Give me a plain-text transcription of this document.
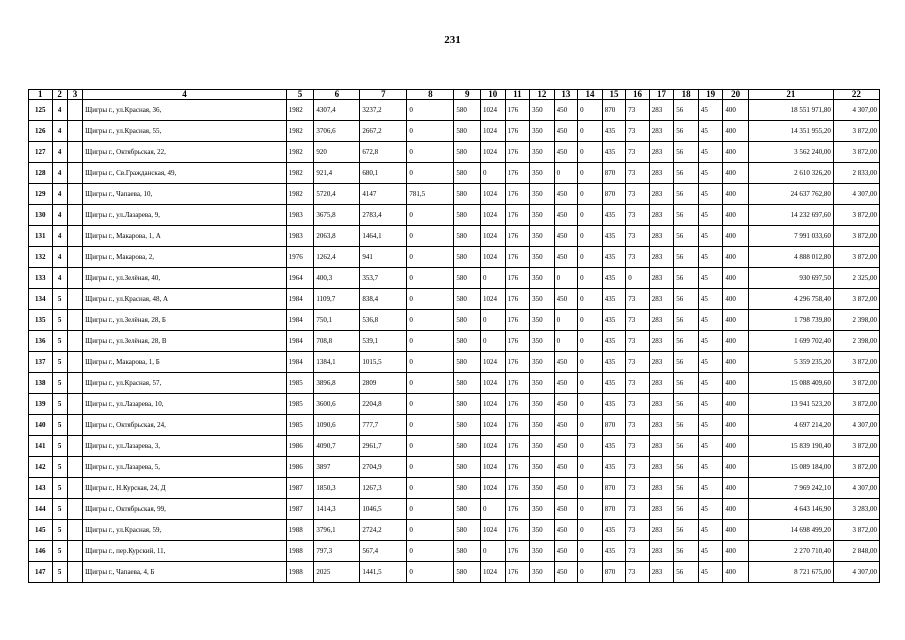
231
1	2	3	4	5	6	7	8	9	10	11	12	13	14	15	16	17	18	19	20	21	22
125	4		Щигры г., ул.Красная, 36,	1982	4307,4	3237,2	0	580	1024	176	350	450	0	870	73	283	56	45	400	18 551 971,80	4 307,00
126	4		Щигры г., ул.Красная, 55,	1982	3706,6	2667,2	0	580	1024	176	350	450	0	435	73	283	56	45	400	14 351 955,20	3 872,00
127	4		Щигры г., Октябрьская, 22,	1982	920	672,8	0	580	1024	176	350	450	0	435	73	283	56	45	400	3 562 240,00	3 872,00
128	4		Щигры г., Св.Гражданская, 49,	1982	921,4	680,1	0	580	0	176	350	0	0	870	73	283	56	45	400	2 610 326,20	2 833,00
129	4		Щигры г., Чапаева, 10,	1982	5720,4	4147	781,5	580	1024	176	350	450	0	870	73	283	56	45	400	24 637 762,80	4 307,00
130	4		Щигры г., ул.Лазарева, 9,	1983	3675,8	2783,4	0	580	1024	176	350	450	0	435	73	283	56	45	400	14 232 697,60	3 872,00
131	4		Щигры г., Макарова, 1, А	1983	2063,8	1464,1	0	580	1024	176	350	450	0	435	73	283	56	45	400	7 991 033,60	3 872,00
132	4		Щигры г., Макарова, 2,	1976	1262,4	941	0	580	1024	176	350	450	0	435	73	283	56	45	400	4 888 012,80	3 872,00
133	4		Щигры г., ул.Зелёная, 40,	1964	400,3	353,7	0	580	0	176	350	0	0	435	0	283	56	45	400	930 697,50	2 325,00
134	5		Щигры г., ул.Красная, 48, А	1984	1109,7	838,4	0	580	1024	176	350	450	0	435	73	283	56	45	400	4 296 758,40	3 872,00
135	5		Щигры г., ул.Зелёная, 28, Б	1984	750,1	536,8	0	580	0	176	350	0	0	435	73	283	56	45	400	1 798 739,80	2 398,00
136	5		Щигры г., ул.Зелёная, 28, В	1984	708,8	539,1	0	580	0	176	350	0	0	435	73	283	56	45	400	1 699 702,40	2 398,00
137	5		Щигры г., Макарова, 1, Б	1984	1384,1	1015,5	0	580	1024	176	350	450	0	435	73	283	56	45	400	5 359 235,20	3 872,00
138	5		Щигры г., ул.Красная, 57,	1985	3896,8	2809	0	580	1024	176	350	450	0	435	73	283	56	45	400	15 088 409,60	3 872,00
139	5		Щигры г., ул.Лазарева, 10,	1985	3600,6	2204,8	0	580	1024	176	350	450	0	435	73	283	56	45	400	13 941 523,20	3 872,00
140	5		Щигры г., Октябрьская, 24,	1985	1090,6	777,7	0	580	1024	176	350	450	0	870	73	283	56	45	400	4 697 214,20	4 307,00
141	5		Щигры г., ул.Лазарева, 3,	1986	4090,7	2961,7	0	580	1024	176	350	450	0	435	73	283	56	45	400	15 839 190,40	3 872,00
142	5		Щигры г., ул.Лазарева, 5,	1986	3897	2704,9	0	580	1024	176	350	450	0	435	73	283	56	45	400	15 089 184,00	3 872,00
143	5		Щигры г., Н.Курская, 24, Д	1987	1850,3	1267,3	0	580	1024	176	350	450	0	870	73	283	56	45	400	7 969 242,10	4 307,00
144	5		Щигры г., Октябрьская, 99,	1987	1414,3	1046,5	0	580	0	176	350	450	0	870	73	283	56	45	400	4 643 146,90	3 283,00
145	5		Щигры г., ул.Красная, 59,	1988	3796,1	2724,2	0	580	1024	176	350	450	0	435	73	283	56	45	400	14 698 499,20	3 872,00
146	5		Щигры г., пер.Курский, 11,	1988	797,3	567,4	0	580	0	176	350	450	0	435	73	283	56	45	400	2 270 710,40	2 848,00
147	5		Щигры г., Чапаева, 4, Б	1988	2025	1441,5	0	580	1024	176	350	450	0	870	73	283	56	45	400	8 721 675,00	4 307,00
